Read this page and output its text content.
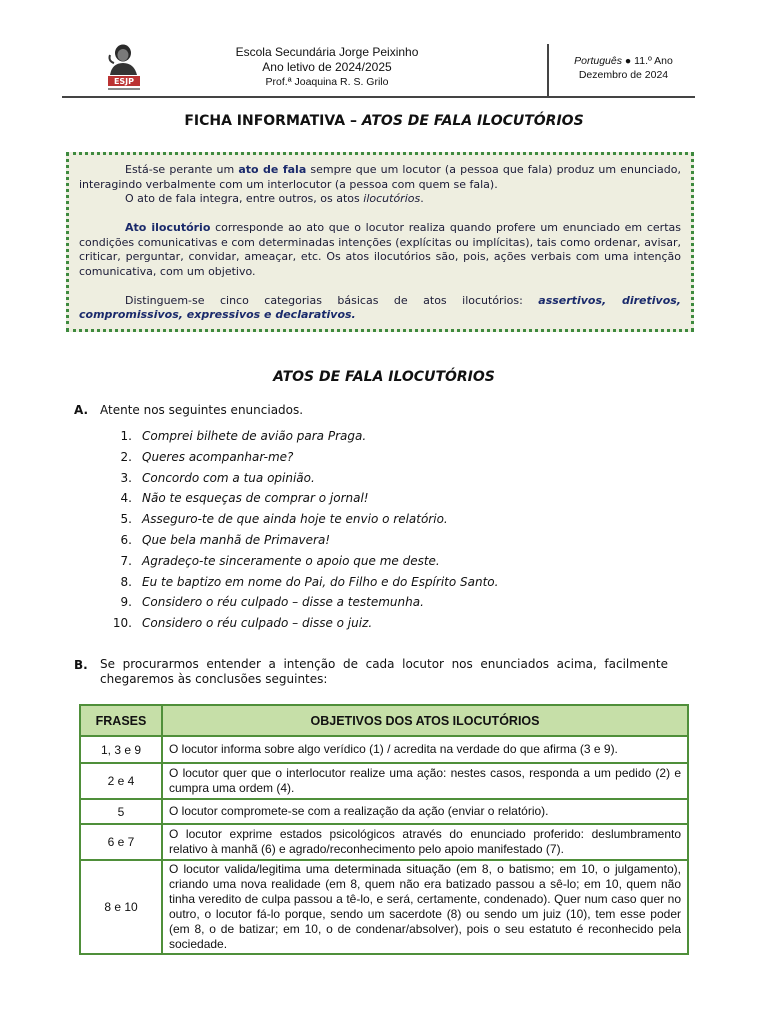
ESJP
Escola Secundária Jorge Peixinho
Ano letivo de 2024/2025
Prof.ª Joaquina R. S. Grilo
Português ● 11.º Ano
Dezembro de 2024
FICHA INFORMATIVA – ATOS DE FALA ILOCUTÓRIOS

Está-se perante um ato de fala sempre que um locutor (a pessoa que fala) produz um enunciado, interagindo verbalmente com um interlocutor (a pessoa com quem se fala).

O ato de fala integra, entre outros, os atos ilocutórios.

Ato ilocutório corresponde ao ato que o locutor realiza quando profere um enunciado em certas condições comunicativas e com determinadas intenções (explícitas ou implícitas), tais como ordenar, avisar, criticar, perguntar, convidar, ameaçar, etc. Os atos ilocutórios são, pois, ações verbais com uma intenção comunicativa, com um objetivo.

Distinguem-se cinco categorias básicas de atos ilocutórios: assertivos, diretivos, compromissivos, expressivos e declarativos.

ATOS DE FALA ILOCUTÓRIOS
A. Atente nos seguintes enunciados.
1. Comprei bilhete de avião para Praga.
2. Queres acompanhar-me?
3. Concordo com a tua opinião.
4. Não te esqueças de comprar o jornal!
5. Asseguro-te de que ainda hoje te envio o relatório.
6. Que bela manhã de Primavera!
7. Agradeço-te sinceramente o apoio que me deste.
8. Eu te baptizo em nome do Pai, do Filho e do Espírito Santo.
9. Considero o réu culpado – disse a testemunha.
10. Considero o réu culpado – disse o juiz.
B. Se procurarmos entender a intenção de cada locutor nos enunciados acima, facilmente chegaremos às conclusões seguintes:
FRASES	OBJETIVOS DOS ATOS ILOCUTÓRIOS
1, 3 e 9	O locutor informa sobre algo verídico (1) / acredita na verdade do que afirma (3 e 9).
2 e 4	O locutor quer que o interlocutor realize uma ação: nestes casos, responda a um pedido (2) e cumpra uma ordem (4).
5	O locutor compromete-se com a realização da ação (enviar o relatório).
6 e 7	O locutor exprime estados psicológicos através do enunciado proferido: deslumbramento relativo à manhã (6) e agrado/reconhecimento pelo apoio manifestado (7).
8 e 10	O locutor valida/legitima uma determinada situação (em 8, o batismo; em 10, o julgamento), criando uma nova realidade (em 8, quem não era batizado passou a sê-lo; em 10, quem não tinha veredito de culpa passou a tê-lo, e será, certamente, condenado). Quer num caso quer no outro, o locutor fá-lo porque, sendo um sacerdote (8) ou sendo um juiz (10), tem esse poder (em 8, o de batizar; em 10, o de condenar/absolver), pois o seu estatuto é reconhecido pela sociedade.
